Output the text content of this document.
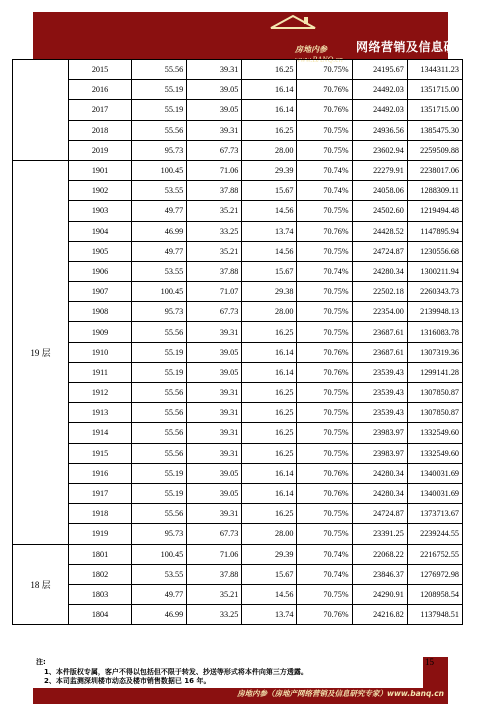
房地内参
www.BANQ.cn
网络营销及信息研究专家
	2015	55.56	39.31	16.25	70.75%	24195.67	1344311.23
	2016	55.19	39.05	16.14	70.76%	24492.03	1351715.00
	2017	55.19	39.05	16.14	70.76%	24492.03	1351715.00
	2018	55.56	39.31	16.25	70.75%	24936.56	1385475.30
	2019	95.73	67.73	28.00	70.75%	23602.94	2259509.88
19 层	1901	100.45	71.06	29.39	70.74%	22279.91	2238017.06
	1902	53.55	37.88	15.67	70.74%	24058.06	1288309.11
	1903	49.77	35.21	14.56	70.75%	24502.60	1219494.48
	1904	46.99	33.25	13.74	70.76%	24428.52	1147895.94
	1905	49.77	35.21	14.56	70.75%	24724.87	1230556.68
	1906	53.55	37.88	15.67	70.74%	24280.34	1300211.94
	1907	100.45	71.07	29.38	70.75%	22502.18	2260343.73
	1908	95.73	67.73	28.00	70.75%	22354.00	2139948.13
	1909	55.56	39.31	16.25	70.75%	23687.61	1316083.78
	1910	55.19	39.05	16.14	70.76%	23687.61	1307319.36
	1911	55.19	39.05	16.14	70.76%	23539.43	1299141.28
	1912	55.56	39.31	16.25	70.75%	23539.43	1307850.87
	1913	55.56	39.31	16.25	70.75%	23539.43	1307850.87
	1914	55.56	39.31	16.25	70.75%	23983.97	1332549.60
	1915	55.56	39.31	16.25	70.75%	23983.97	1332549.60
	1916	55.19	39.05	16.14	70.76%	24280.34	1340031.69
	1917	55.19	39.05	16.14	70.76%	24280.34	1340031.69
	1918	55.56	39.31	16.25	70.75%	24724.87	1373713.67
	1919	95.73	67.73	28.00	70.75%	23391.25	2239244.55
18 层	1801	100.45	71.06	29.39	70.74%	22068.22	2216752.55
	1802	53.55	37.88	15.67	70.74%	23846.37	1276972.98
	1803	49.77	35.21	14.56	70.75%	24290.91	1208958.54
	1804	46.99	33.25	13.74	70.76%	24216.82	1137948.51
注:
1、本件版权专属，客户不得以包括但不限于转发、抄送等形式将本件向第三方透露。
2、本司监测深圳楼市动态及楼市销售数据已 16 年。
房地内参（房地产网络营销及信息研究专家）www.banq.cn
15
